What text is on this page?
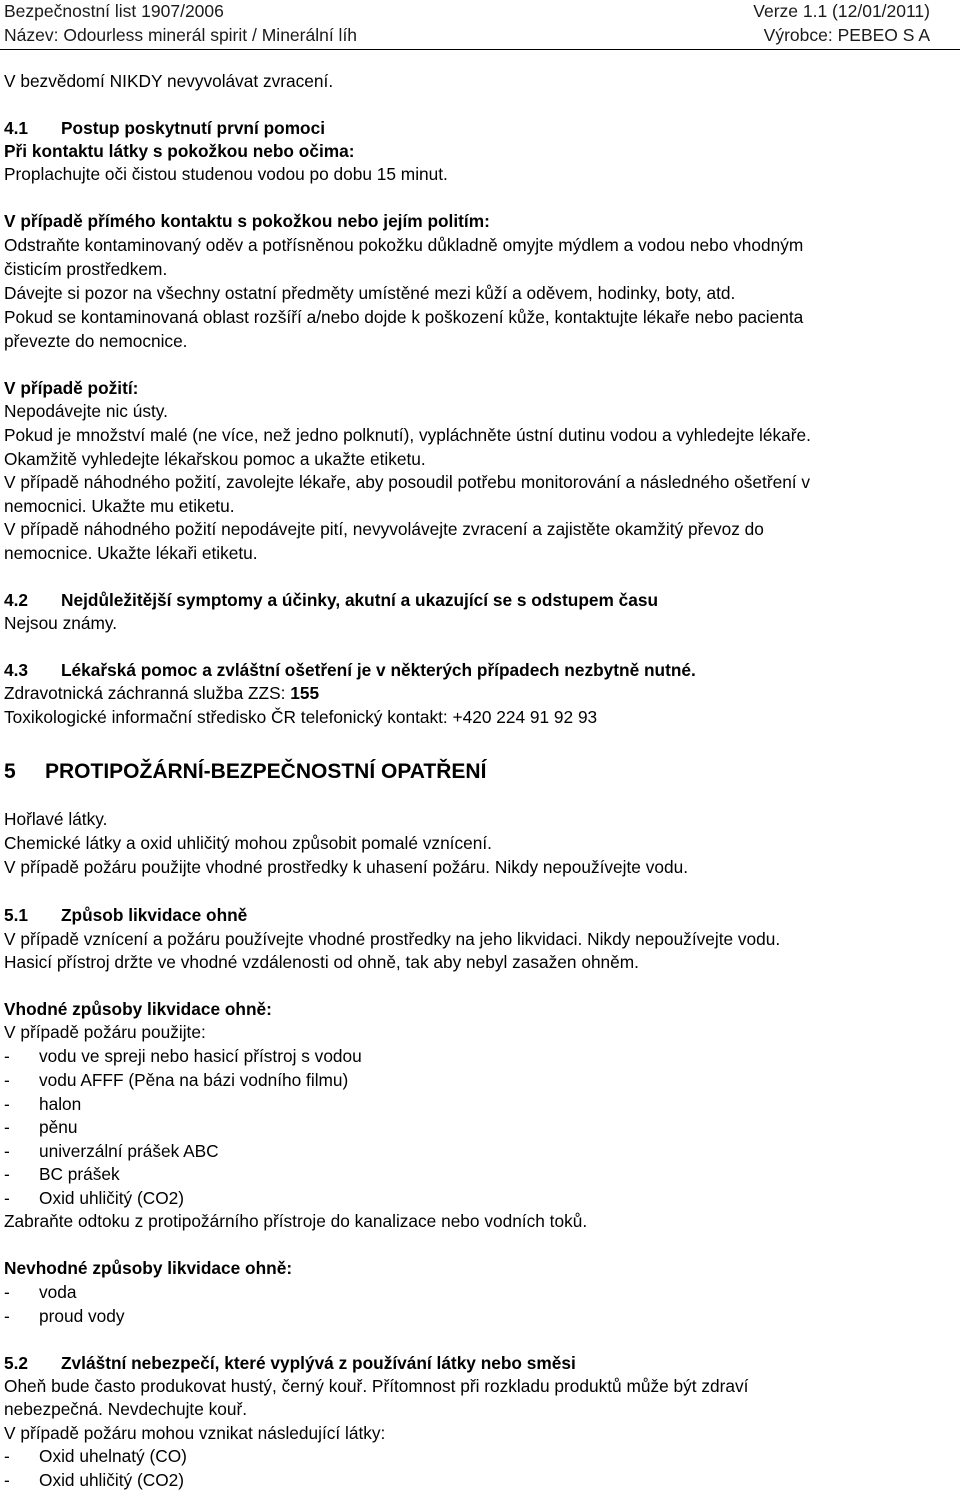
Bezpečnostní list 1907/2006	Verze 1.1 (12/01/2011)
Název: Odourless minerál spirit / Minerální líh	Výrobce: PEBEO S A
V bezvědomí NIKDY nevyvolávat zvracení.
4.1 Postup poskytnutí první pomoci
Při kontaktu látky s pokožkou nebo očima:
Proplachujte oči čistou studenou vodou po dobu 15 minut.
V případě přímého kontaktu s pokožkou nebo jejím politím:
Odstraňte kontaminovaný oděv a potřísněnou pokožku důkladně omyjte mýdlem a vodou nebo vhodným
čisticím prostředkem.
Dávejte si pozor na všechny ostatní předměty umístěné mezi kůží a oděvem, hodinky, boty, atd.
Pokud se kontaminovaná oblast rozšíří a/nebo dojde k poškození kůže, kontaktujte lékaře nebo pacienta
převezte do nemocnice.
V případě požití:
Nepodávejte nic ústy.
Pokud je množství malé (ne více, než jedno polknutí), vypláchněte ústní dutinu vodou a vyhledejte lékaře.
Okamžitě vyhledejte lékařskou pomoc a ukažte etiketu.
V případě náhodného požití, zavolejte lékaře, aby posoudil potřebu monitorování a následného ošetření v
nemocnici. Ukažte mu etiketu.
V případě náhodného požití nepodávejte pití, nevyvolávejte zvracení a zajistěte okamžitý převoz do
nemocnice. Ukažte lékaři etiketu.
4.2 Nejdůležitější symptomy a účinky, akutní a ukazující se s odstupem času
Nejsou známy.
4.3 Lékařská pomoc a zvláštní ošetření je v některých případech nezbytně nutné.
Zdravotnická záchranná služba ZZS: 155
Toxikologické informační středisko ČR telefonický kontakt: +420 224 91 92 93
5 PROTIPOŽÁRNÍ-BEZPEČNOSTNÍ OPATŘENÍ
Hořlavé látky.
Chemické látky a oxid uhličitý mohou způsobit pomalé vznícení.
V případě požáru použijte vhodné prostředky k uhasení požáru. Nikdy nepoužívejte vodu.
5.1 Způsob likvidace ohně
V případě vznícení a požáru používejte vhodné prostředky na jeho likvidaci. Nikdy nepoužívejte vodu.
Hasicí přístroj držte ve vhodné vzdálenosti od ohně, tak aby nebyl zasažen ohněm.
Vhodné způsoby likvidace ohně:
V případě požáru použijte:
- vodu ve spreji nebo hasicí přístroj s vodou
- vodu AFFF (Pěna na bázi vodního filmu)
- halon
- pěnu
- univerzální prášek ABC
- BC prášek
- Oxid uhličitý (CO2)
Zabraňte odtoku z protipožárního přístroje do kanalizace nebo vodních toků.
Nevhodné způsoby likvidace ohně:
- voda
- proud vody
5.2 Zvláštní nebezpečí, které vyplývá z používání látky nebo směsi
Oheň bude často produkovat hustý, černý kouř. Přítomnost při rozkladu produktů může být zdraví
nebezpečná. Nevdechujte kouř.
V případě požáru mohou vznikat následující látky:
- Oxid uhelnatý (CO)
- Oxid uhličitý (CO2)
